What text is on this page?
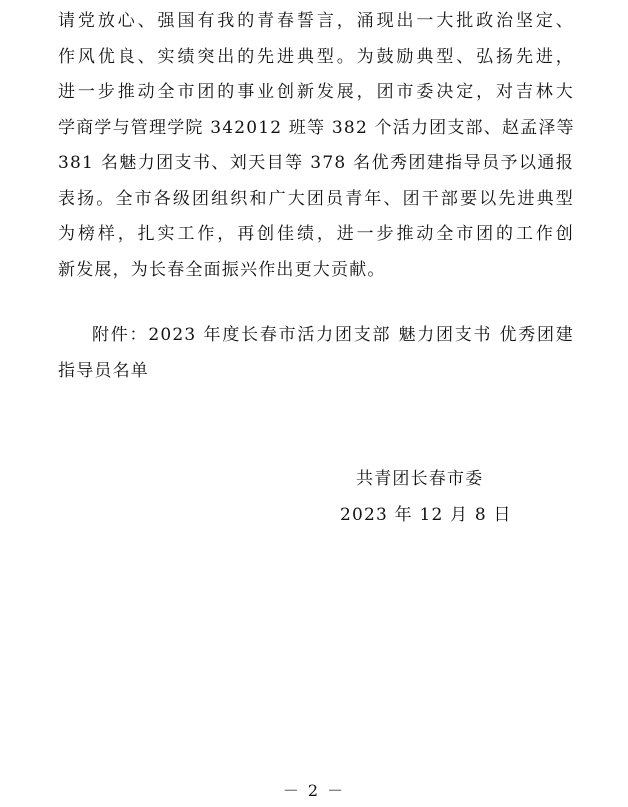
请党放心、强国有我的青春誓言，涌现出一大批政治坚定、
作风优良、实绩突出的先进典型。为鼓励典型、弘扬先进，
进一步推动全市团的事业创新发展，团市委决定，对吉林大
学商学与管理学院 342012 班等 382 个活力团支部、赵孟泽等
381 名魅力团支书、刘天目等 378 名优秀团建指导员予以通报
表扬。全市各级团组织和广大团员青年、团干部要以先进典型
为榜样，扎实工作，再创佳绩，进一步推动全市团的工作创
新发展，为长春全面振兴作出更大贡献。
附件：2023 年度长春市活力团支部 魅力团支书 优秀团建
指导员名单
共青团长春市委
2023 年 12 月 8 日
－ 2 －
